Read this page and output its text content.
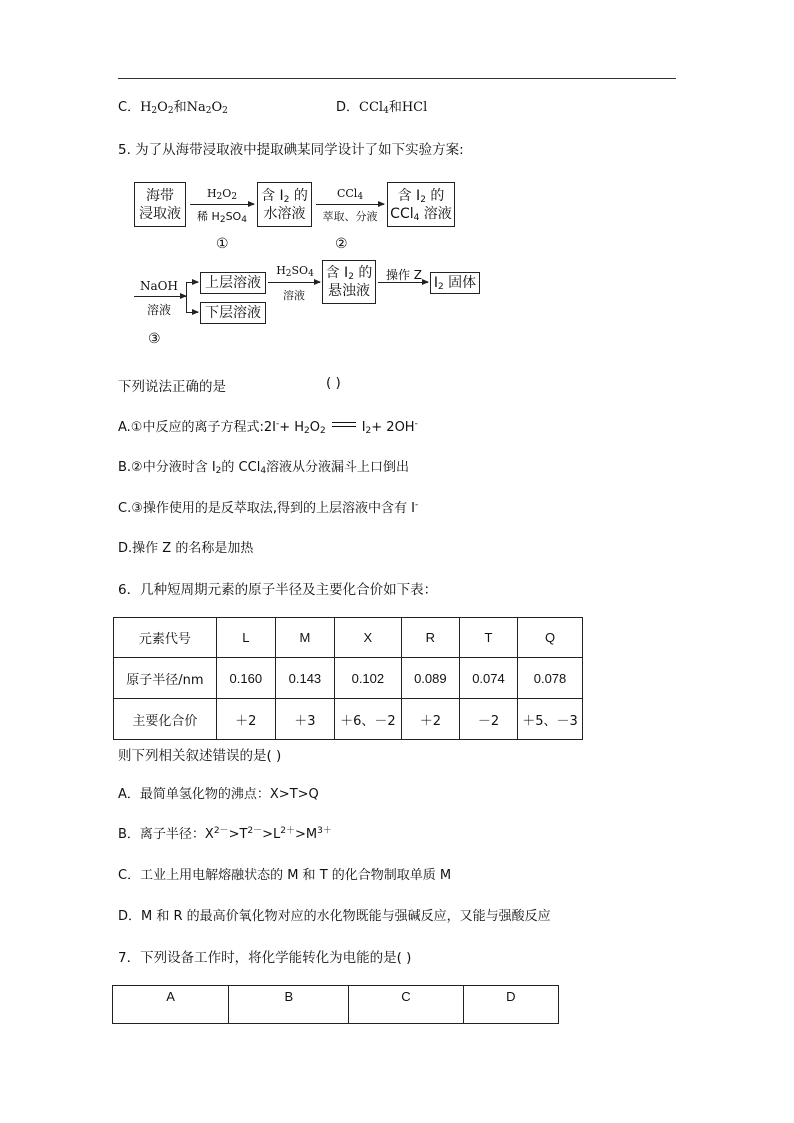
C．$H_2O_2$和$Na_2O_2$	D．CCl$_4$和HCl
5. 为了从海带浸取液中提取碘某同学设计了如下实验方案:
海带
浸取液
$H_2O_2$
稀 $H_2SO_4$
含 $I_2$ 的
水溶液
CCl$_4$
萃取、分液
含 $I_2$ 的
CCl$_4$ 溶液
①	②
NaOH
溶液
上层溶液
下层溶液
$H_2SO_4$
溶液
含 $I_2$ 的
悬浊液
操作 Z $I_2$ 固体
③
下列说法正确的是	( )
A.①中反应的离子方程式:2I-+ $H_2O_2$	$I_2+ 2OH^-$
B.②中分液时含 $I_2$的 CCl$_4$溶液从分液漏斗上口倒出
C.③操作使用的是反萃取法,得到的上层溶液中含有 I-
D.操作 Z 的名称是加热
6．几种短周期元素的原子半径及主要化合价如下表：
元素代号	L	M	X	R	T	Q
原子半径/nm	0.160	0.143	0.102	0.089	0.074	0.078
主要化合价	＋2	＋3	＋6、－2	＋2	－2	＋5、－3
则下列相关叙述错误的是( )
A．最简单氢化物的沸点：X>T>Q
B．离子半径：$X^{2-}>T^{2-}>L^{2+}>M^{3+}$
C．工业上用电解熔融状态的 M 和 T 的化合物制取单质 M
D．M 和 R 的最高价氧化物对应的水化物既能与强碱反应，又能与强酸反应
7．下列设备工作时，将化学能转化为电能的是( )
A	B	C	D
